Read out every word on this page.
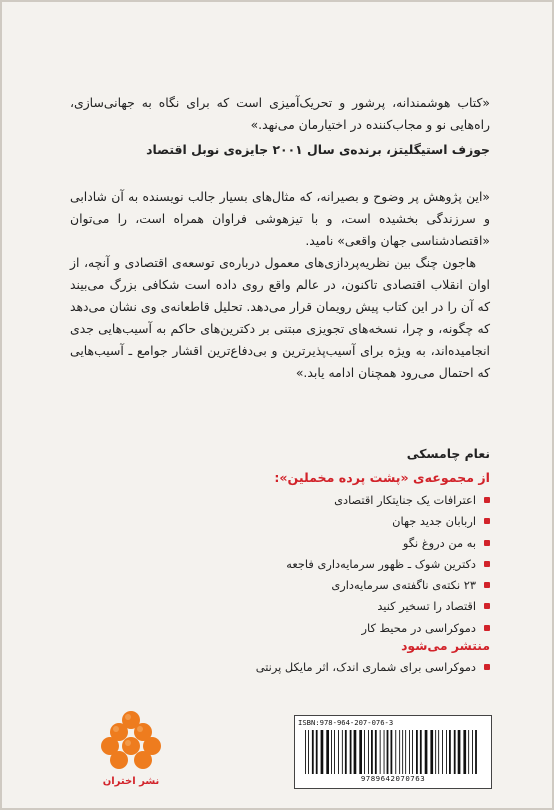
«کتاب هوشمندانه، پرشور و تحریک‌آمیزی است که برای نگاه به جهانی‌سازی، راه‌هایی نو و مجاب‌کننده در اختیارمان می‌نهد.»
جوزف استیگلیتز، برنده‌ی سال ۲۰۰۱ جایزه‌ی نوبل اقتصاد
«این پژوهش پر وضوح و بصیرانه، که مثال‌های بسیار جالب نویسنده به آن شادابی و سرزندگی بخشیده است، و با تیزهوشی فراوان همراه است، را می‌توان «اقتصادشناسی جهان واقعی» نامید.
هاجون چنگ بین نظریه‌پردازی‌های معمول درباره‌ی توسعه‌ی اقتصادی و آنچه، از اوان انقلاب اقتصادی تاکنون، در عالم واقع روی داده است شکافی بزرگ می‌بیند که آن را در این کتاب پیش رویمان قرار می‌دهد. تحلیل قاطعانه‌ی وی نشان می‌دهد که چگونه، و چرا، نسخه‌های تجویزی مبتنی بر دکترین‌های حاکم به آسیب‌هایی جدی انجامیده‌اند، به ویژه برای آسیب‌پذیرترین و بی‌دفاع‌ترین اقشار جوامع ـ آسیب‌هایی که احتمال می‌رود همچنان ادامه یابد.»
نعام چامسکی
از مجموعه‌ی «پشت پرده مخملین»:
اعترافات یک جنایتکار اقتصادی
اربابان جدید جهان
به من دروغ نگو
دکترین شوک ـ ظهور سرمایه‌داری فاجعه
۲۳ نکته‌ی ناگفته‌ی سرمایه‌داری
اقتصاد را تسخیر کنید
دموکراسی در محیط کار
منتشر می‌شود
دموکراسی برای شماری اندک، اثر مایکل پرنتی
نشر اختران
ISBN:978-964-207-076-3
9789642070763
